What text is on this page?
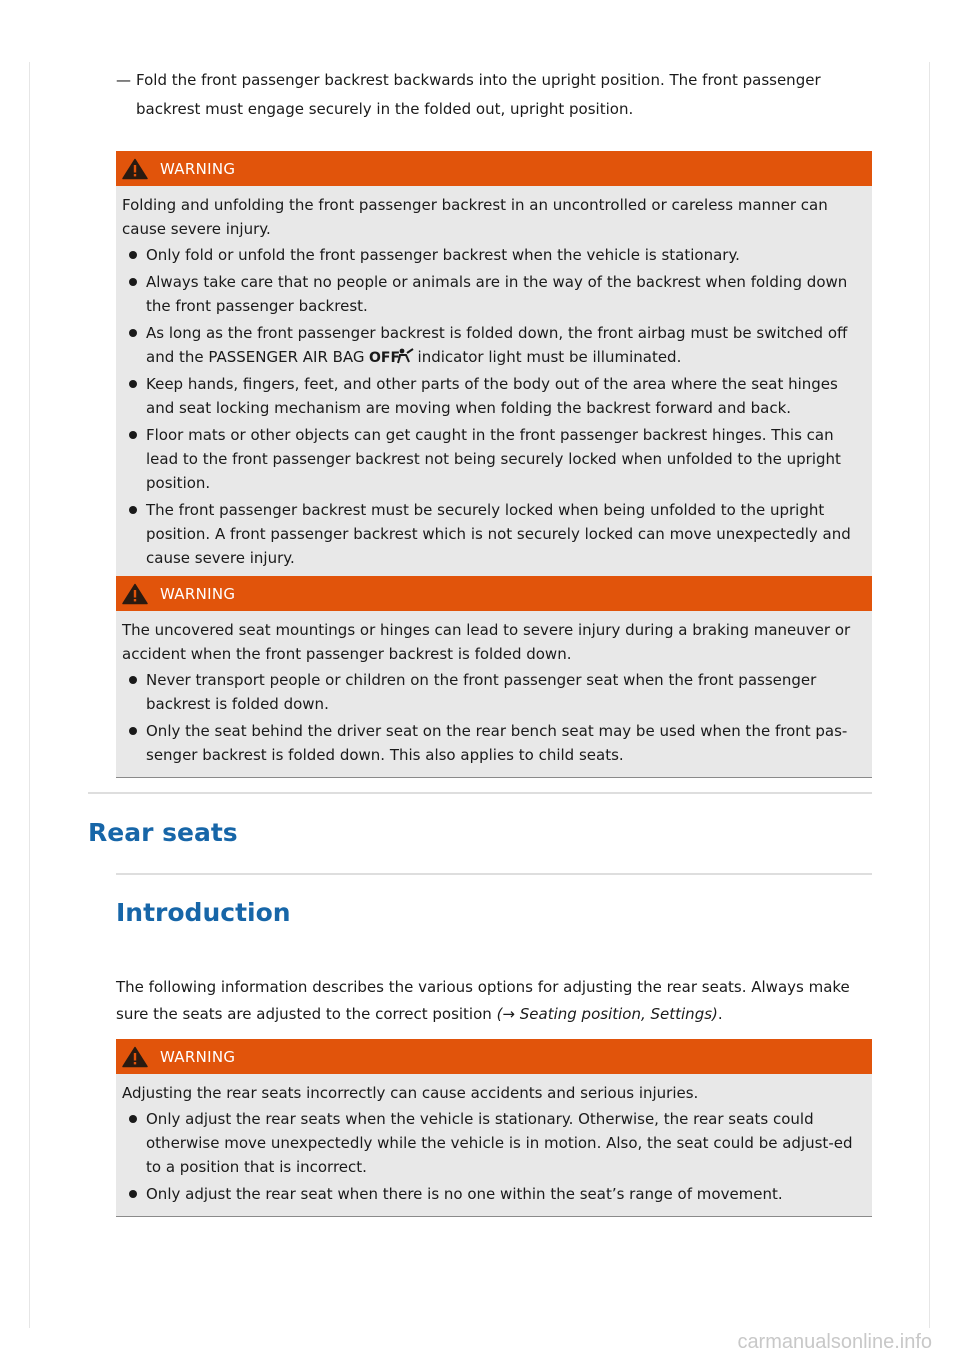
— Fold the front passenger backrest backwards into the upright position. The front passenger backrest must engage securely in the folded out, upright position.
WARNING

Folding and unfolding the front passenger backrest in an uncontrolled or careless manner can cause severe injury.

Only fold or unfold the front passenger backrest when the vehicle is stationary.
Always take care that no people or animals are in the way of the backrest when folding down the front passenger backrest.
As long as the front passenger backrest is folded down, the front airbag must be switched off and the PASSENGER AIR BAG OFF indicator light must be illuminated.
Keep hands, fingers, feet, and other parts of the body out of the area where the seat hinges and seat locking mechanism are moving when folding the backrest forward and back.
Floor mats or other objects can get caught in the front passenger backrest hinges. This can lead to the front passenger backrest not being securely locked when unfolded to the upright position.
The front passenger backrest must be securely locked when being unfolded to the upright position. A front passenger backrest which is not securely locked can move unexpectedly and cause severe injury.
WARNING

The uncovered seat mountings or hinges can lead to severe injury during a braking maneuver or accident when the front passenger backrest is folded down.

Never transport people or children on the front passenger seat when the front passenger backrest is folded down.
Only the seat behind the driver seat on the rear bench seat may be used when the front pas-senger backrest is folded down. This also applies to child seats.
Rear seats
Introduction

The following information describes the various options for adjusting the rear seats. Always make sure the seats are adjusted to the correct position (→ Seating position, Settings).

WARNING

Adjusting the rear seats incorrectly can cause accidents and serious injuries.

Only adjust the rear seats when the vehicle is stationary. Otherwise, the rear seats could otherwise move unexpectedly while the vehicle is in motion. Also, the seat could be adjust-ed to a position that is incorrect.
Only adjust the rear seat when there is no one within the seat’s range of movement.
carmanualsonline.info
